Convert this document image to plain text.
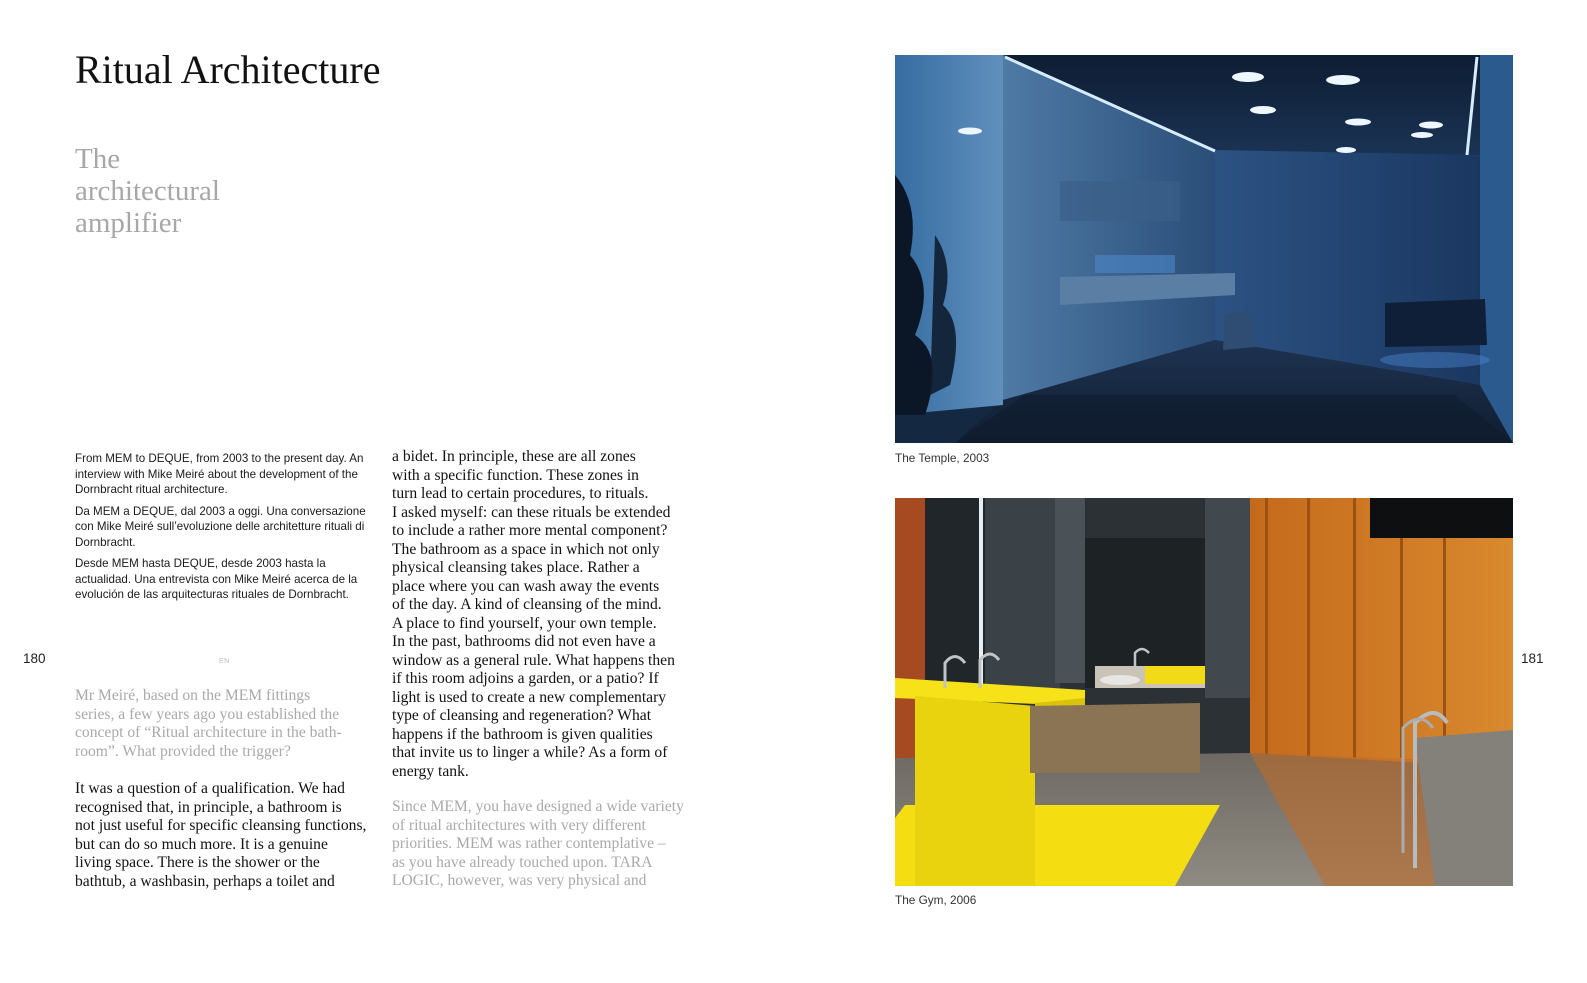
Ritual Architecture
The
architectural
amplifier

From MEM to DEQUE, from 2003 to the present day. An interview with Mike Meiré about the development of the Dornbracht ritual architecture.

Da MEM a DEQUE, dal 2003 a oggi. Una conversazione con Mike Meiré sull’evoluzione delle architetture rituali di Dornbracht.

Desde MEM hasta DEQUE, desde 2003 hasta la actualidad. Una entrevista con Mike Meiré acerca de la evolución de las arquitecturas rituales de Dornbracht.

180	EN	181
Mr Meiré, based on the MEM fittings
series, a few years ago you established the
concept of “Ritual architecture in the bath-
room”. What provided the trigger?
It was a question of a qualification. We had
recognised that, in principle, a bathroom is
not just useful for specific cleansing functions,
but can do so much more. It is a genuine
living space. There is the shower or the
bathtub, a washbasin, perhaps a toilet and
a bidet. In principle, these are all zones
with a specific function. These zones in
turn lead to certain procedures, to rituals.
I asked myself: can these rituals be extended
to include a rather more mental component?
The bathroom as a space in which not only
physical cleansing takes place. Rather a
place where you can wash away the events
of the day. A kind of cleansing of the mind.
A place to find yourself, your own temple.
In the past, bathrooms did not even have a
window as a general rule. What happens then
if this room adjoins a garden, or a patio? If
light is used to create a new complementary
type of cleansing and regeneration? What
happens if the bathroom is given qualities
that invite us to linger a while? As a form of
energy tank.
Since MEM, you have designed a wide variety
of ritual architectures with very different
priorities. MEM was rather contemplative –
as you have already touched upon. TARA
LOGIC, however, was very physical and
The Temple, 2003
The Gym, 2006
